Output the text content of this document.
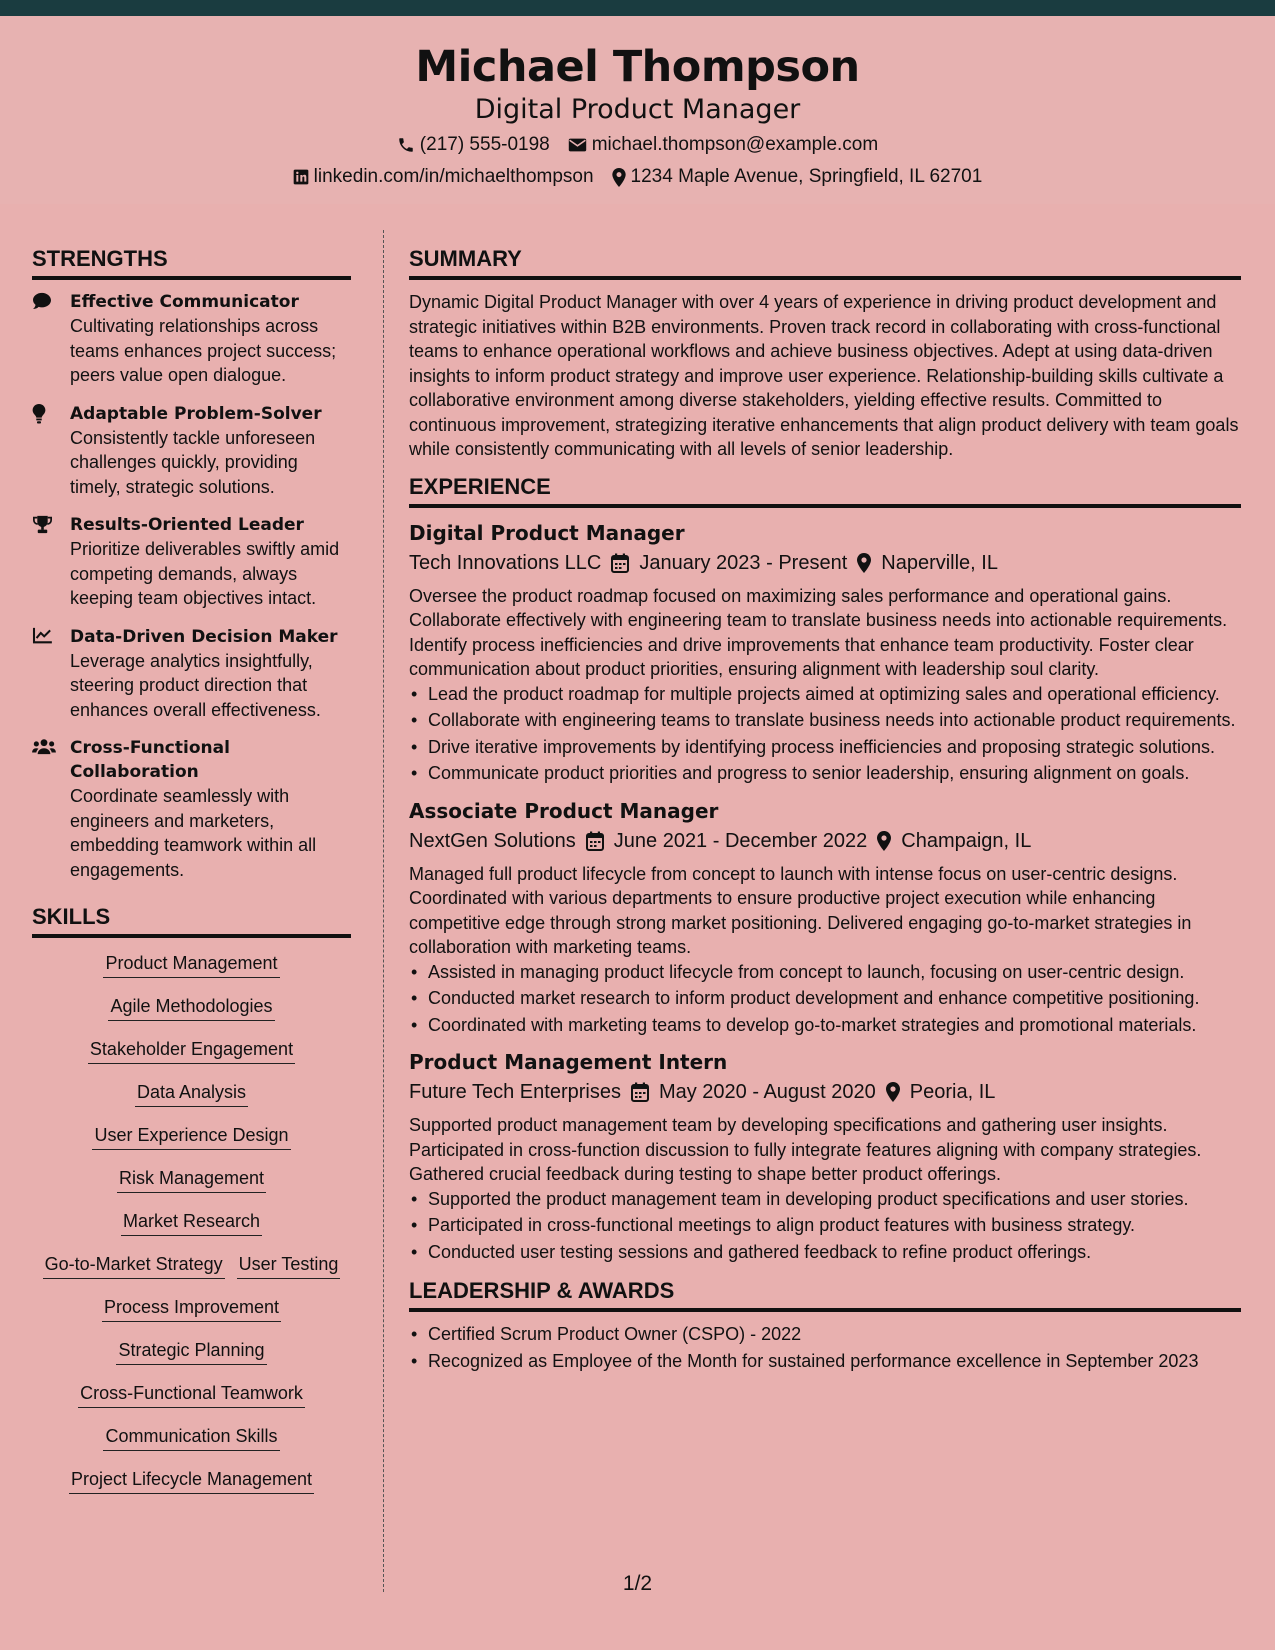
Michael Thompson
Digital Product Manager
(217) 555-0198 michael.thompson@example.com
linkedin.com/in/michaelthompson 1234 Maple Avenue, Springfield, IL 62701
STRENGTHS
Effective Communicator
Cultivating relationships across teams enhances project success; peers value open dialogue.
Adaptable Problem-Solver
Consistently tackle unforeseen challenges quickly, providing timely, strategic solutions.
Results-Oriented Leader
Prioritize deliverables swiftly amid competing demands, always keeping team objectives intact.
Data-Driven Decision Maker
Leverage analytics insightfully, steering product direction that enhances overall effectiveness.
Cross-Functional Collaboration
Coordinate seamlessly with engineers and marketers, embedding teamwork within all engagements.
SKILLS
Product Management
Agile Methodologies
Stakeholder Engagement
Data Analysis
User Experience Design
Risk Management
Market Research
Go-to-Market Strategy User Testing
Process Improvement
Strategic Planning
Cross-Functional Teamwork
Communication Skills
Project Lifecycle Management
SUMMARY
Dynamic Digital Product Manager with over 4 years of experience in driving product development and strategic initiatives within B2B environments. Proven track record in collaborating with cross-functional teams to enhance operational workflows and achieve business objectives. Adept at using data-driven insights to inform product strategy and improve user experience. Relationship-building skills cultivate a collaborative environment among diverse stakeholders, yielding effective results. Committed to continuous improvement, strategizing iterative enhancements that align product delivery with team goals while consistently communicating with all levels of senior leadership.
EXPERIENCE
Digital Product Manager
Tech Innovations LLC January 2023 - Present Naperville, IL
Oversee the product roadmap focused on maximizing sales performance and operational gains. Collaborate effectively with engineering team to translate business needs into actionable requirements. Identify process inefficiencies and drive improvements that enhance team productivity. Foster clear communication about product priorities, ensuring alignment with leadership soul clarity.
• Lead the product roadmap for multiple projects aimed at optimizing sales and operational efficiency.
• Collaborate with engineering teams to translate business needs into actionable product requirements.
• Drive iterative improvements by identifying process inefficiencies and proposing strategic solutions.
• Communicate product priorities and progress to senior leadership, ensuring alignment on goals.
Associate Product Manager
NextGen Solutions June 2021 - December 2022 Champaign, IL
Managed full product lifecycle from concept to launch with intense focus on user-centric designs. Coordinated with various departments to ensure productive project execution while enhancing competitive edge through strong market positioning. Delivered engaging go-to-market strategies in collaboration with marketing teams.
• Assisted in managing product lifecycle from concept to launch, focusing on user-centric design.
• Conducted market research to inform product development and enhance competitive positioning.
• Coordinated with marketing teams to develop go-to-market strategies and promotional materials.
Product Management Intern
Future Tech Enterprises May 2020 - August 2020 Peoria, IL
Supported product management team by developing specifications and gathering user insights. Participated in cross-function discussion to fully integrate features aligning with company strategies. Gathered crucial feedback during testing to shape better product offerings.
• Supported the product management team in developing product specifications and user stories.
• Participated in cross-functional meetings to align product features with business strategy.
• Conducted user testing sessions and gathered feedback to refine product offerings.
LEADERSHIP & AWARDS
• Certified Scrum Product Owner (CSPO) - 2022
• Recognized as Employee of the Month for sustained performance excellence in September 2023
1/2
